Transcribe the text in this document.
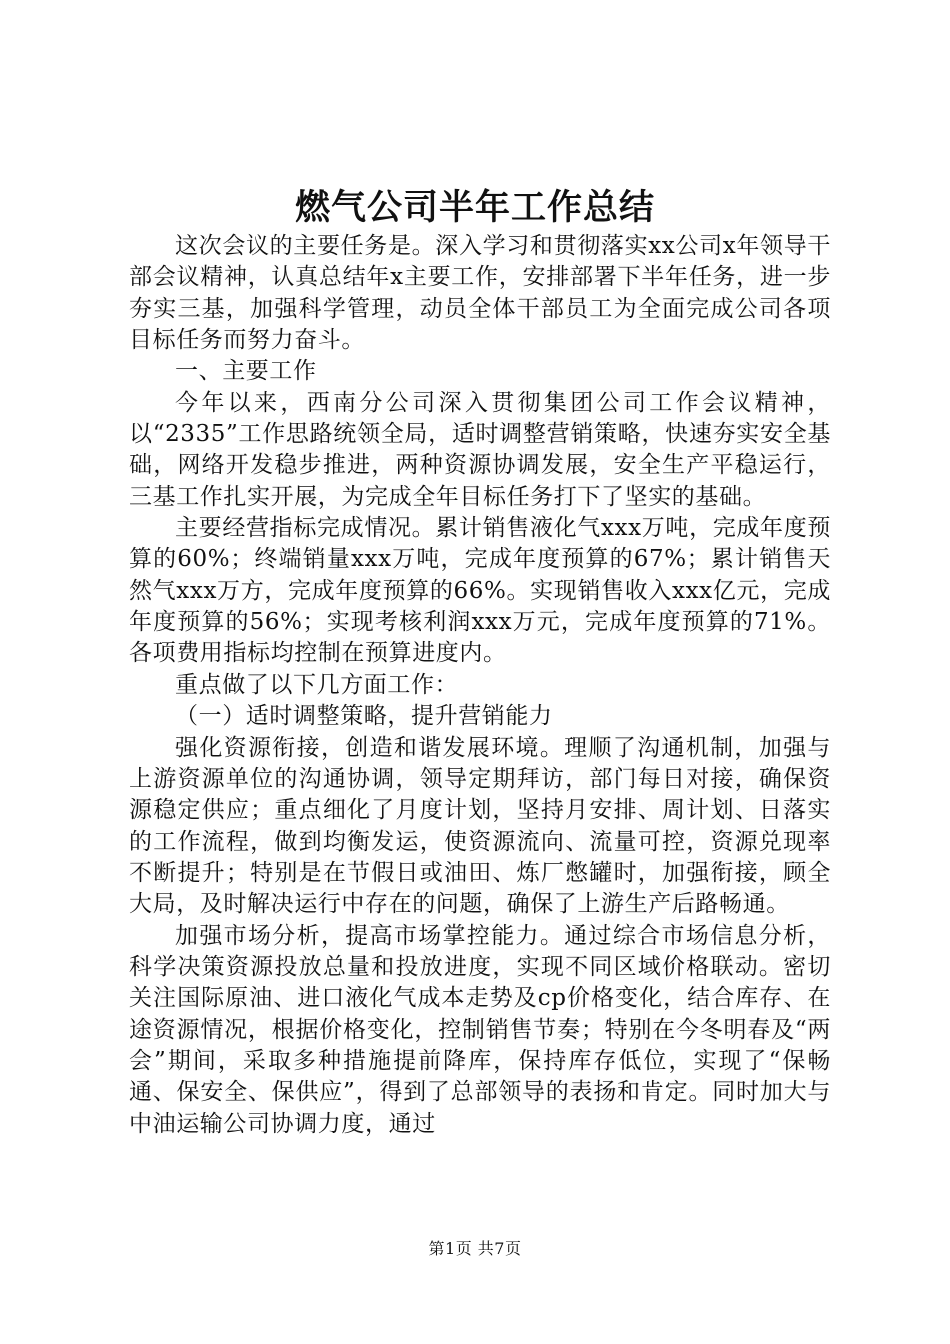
燃气公司半年工作总结

这次会议的主要任务是。深入学习和贯彻落实xx公司x年领导干部会议精神，认真总结年x主要工作，安排部署下半年任务，进一步夯实三基，加强科学管理，动员全体干部员工为全面完成公司各项目标任务而努力奋斗。

一、主要工作

今年以来，西南分公司深入贯彻集团公司工作会议精神，以“2335”工作思路统领全局，适时调整营销策略，快速夯实安全基础，网络开发稳步推进，两种资源协调发展，安全生产平稳运行，三基工作扎实开展，为完成全年目标任务打下了坚实的基础。

主要经营指标完成情况。累计销售液化气xxx万吨，完成年度预算的60%；终端销量xxx万吨，完成年度预算的67%；累计销售天然气xxx万方，完成年度预算的66%。实现销售收入xxx亿元，完成年度预算的56%；实现考核利润xxx万元，完成年度预算的71%。各项费用指标均控制在预算进度内。

重点做了以下几方面工作：

（一）适时调整策略，提升营销能力

强化资源衔接，创造和谐发展环境。理顺了沟通机制，加强与上游资源单位的沟通协调，领导定期拜访，部门每日对接，确保资源稳定供应；重点细化了月度计划，坚持月安排、周计划、日落实的工作流程，做到均衡发运，使资源流向、流量可控，资源兑现率不断提升；特别是在节假日或油田、炼厂憋罐时，加强衔接，顾全大局，及时解决运行中存在的问题，确保了上游生产后路畅通。

加强市场分析，提高市场掌控能力。通过综合市场信息分析，科学决策资源投放总量和投放进度，实现不同区域价格联动。密切关注国际原油、进口液化气成本走势及cp价格变化，结合库存、在途资源情况，根据价格变化，控制销售节奏；特别在今冬明春及“两会”期间，采取多种措施提前降库，保持库存低位，实现了“保畅通、保安全、保供应”，得到了总部领导的表扬和肯定。同时加大与中油运输公司协调力度，通过

第1页 共7页
